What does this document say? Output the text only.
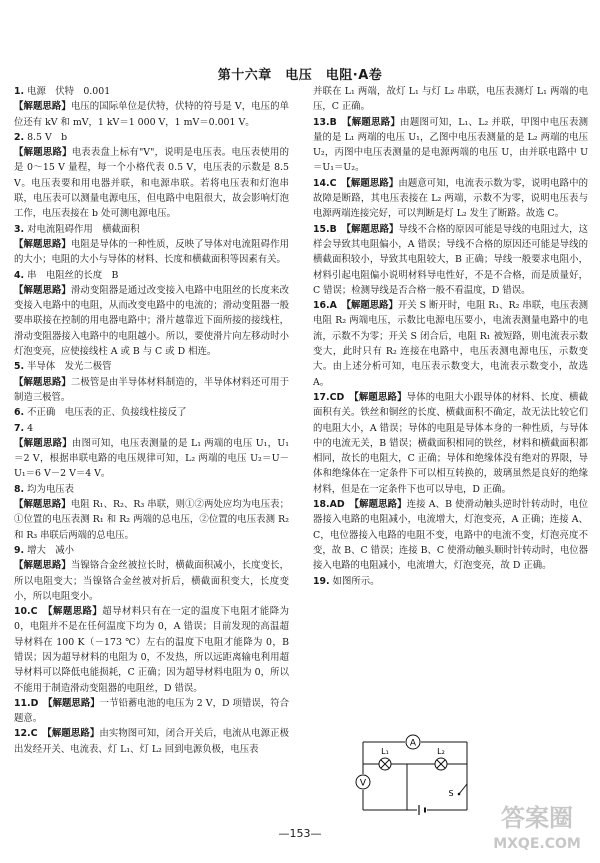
第十六章　电压　电阻·A卷

1. 电源　伏特　0.001

【解题思路】电压的国际单位是伏特，伏特的符号是 V，电压的单位还有 kV 和 mV，1 kV＝1 000 V，1 mV＝0.001 V。

2. 8.5 V　b

【解题思路】电表表盘上标有"V"，说明是电压表。电压表使用的是 0～15 V 量程，每一个小格代表 0.5 V，电压表的示数是 8.5 V。电压表要和用电器并联，和电源串联。若将电压表和灯泡串联，电压表可以测量电源电压，但电路中电阻很大，故会影响灯泡工作，电压表接在 b 处可测电源电压。

3. 对电流阻碍作用　横截面积

【解题思路】电阻是导体的一种性质，反映了导体对电流阻碍作用的大小；电阻的大小与导体的材料、长度和横截面积等因素有关。

4. 串　电阻丝的长度　B

【解题思路】滑动变阻器是通过改变接入电路中电阻丝的长度来改变接入电路中的电阻，从而改变电路中的电流的；滑动变阻器一般要串联接在控制的用电器电路中；滑片越靠近下面所接的接线柱，滑动变阻器接入电路中的电阻越小。所以，要使滑片向左移动时小灯泡变亮，应使接线柱 A 或 B 与 C 或 D 相连。

5. 半导体　发光二极管

【解题思路】二极管是由半导体材料制造的，半导体材料还可用于制造三极管。

6. 不正确　电压表的正、负接线柱接反了

7. 4

【解题思路】由图可知，电压表测量的是 L₁ 两端的电压 U₁，U₁＝2 V，根据串联电路的电压规律可知，L₂ 两端的电压 U₂＝U－U₁＝6 V－2 V＝4 V。

8. 均为电压表

【解题思路】电阻 R₁、R₂、R₃ 串联，则①②两处应均为电压表；①位置的电压表测 R₁ 和 R₂ 两端的总电压，②位置的电压表测 R₂ 和 R₃ 串联后两端的总电压。

9. 增大　减小

【解题思路】当镍铬合金丝被拉长时，横截面积减小，长度变长，所以电阻变大；当镍铬合金丝被对折后，横截面积变大，长度变小，所以电阻变小。

10.C　 【解题思路】超导材料只有在一定的温度下电阻才能降为 0，电阻并不是在任何温度下均为 0，A 错误；目前发现的高温超导材料在 100 K（－173 ℃）左右的温度下电阻才能降为 0，B 错误；因为超导材料的电阻为 0，不发热，所以远距离输电利用超导材料可以降低电能损耗，C 正确；因为超导材料电阻为 0，所以不能用于制造滑动变阻器的电阻丝，D 错误。

11.D　 【解题思路】一节铅蓄电池的电压为 2 V，D 项错误，符合题意。

12.C　 【解题思路】由实物图可知，闭合开关后，电流从电源正极出发经开关、电流表、灯 L₁、灯 L₂ 回到电源负极，电压表

并联在 L₁ 两端，故灯 L₁ 与灯 L₂ 串联，电压表测灯 L₁ 两端的电压，C 正确。

13.B　 【解题思路】由题图可知，L₁、L₂ 并联，甲图中电压表测量的是 L₁ 两端的电压 U₁，乙图中电压表测量的是 L₂ 两端的电压 U₂，丙图中电压表测量的是电源两端的电压 U，由并联电路中 U＝U₁＝U₂。

14.C　 【解题思路】由题意可知，电流表示数为零，说明电路中的故障是断路，其电压表接在 L₂ 两端，示数不为零，说明电压表与电源两端连接完好，可以判断是灯 L₂ 发生了断路。故选 C。

15.B　 【解题思路】导线不合格的原因可能是导线的电阻过大，这样会导致其电阻偏小，A 错误；导线不合格的原因还可能是导线的横截面积较小，导致其电阻较大，B 正确；导线一般要求电阻小，材料引起电阻偏小说明材料导电性好，不是不合格，而是质量好，C 错误；检测导线是否合格一般不看温度，D 错误。

16.A　 【解题思路】开关 S 断开时，电阻 R₁、R₂ 串联，电压表测电阻 R₂ 两端电压，示数比电源电压要小，电流表测量电路中的电流，示数不为零；开关 S 闭合后，电阻 R₁ 被短路，则电流表示数变大，此时只有 R₂ 连接在电路中，电压表测电源电压，示数变大。由上述分析可知，电压表示数变大，电流表示数变小，故选 A。

17.CD　 【解题思路】导体的电阻大小跟导体的材料、长度、横截面积有关。铁丝和铜丝的长度、横截面积不确定，故无法比较它们的电阻大小，A 错误；导体的电阻是导体本身的一种性质，与导体中的电流无关，B 错误；横截面积相同的铁丝，材料和横截面积都相同，故长的电阻大，C 正确；导体和绝缘体没有绝对的界限，导体和绝缘体在一定条件下可以相互转换的，玻璃虽然是良好的绝缘材料，但是在一定条件下也可以导电，D 正确。

18.AD　 【解题思路】连接 A、B 使滑动触头逆时针转动时，电位器接入电路的电阻减小，电流增大，灯泡变亮，A 正确；连接 A、C，电位器接入电路的电阻不变，电路中的电流不变，灯泡亮度不变，故 B、C 错误；连接 B、C 使滑动触头顺时针转动时，电位器接入电路的电阻减小，电流增大，灯泡变亮，故 D 正确。

19. 如图所示。

A
V
L₁	L₂
S
答案圈
MXQE.COM
—153—
